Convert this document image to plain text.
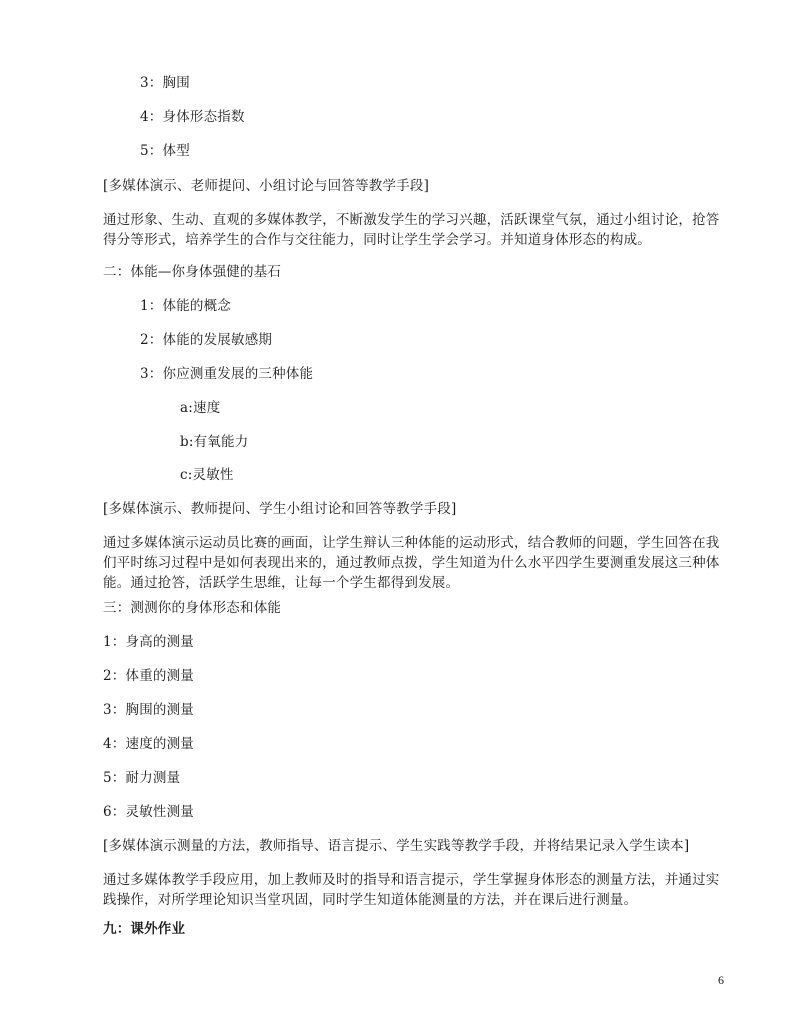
3：胸围
4：身体形态指数
5：体型
[多媒体演示、老师提问、小组讨论与回答等教学手段]
通过形象、生动、直观的多媒体教学，不断激发学生的学习兴趣，活跃课堂气氛，通过小组讨论，抢答得分等形式，培养学生的合作与交往能力，同时让学生学会学习。并知道身体形态的构成。
二：体能—你身体强健的基石
1：体能的概念
2：体能的发展敏感期
3：你应测重发展的三种体能
a:速度
b:有氧能力
c:灵敏性
[多媒体演示、教师提问、学生小组讨论和回答等教学手段]
通过多媒体演示运动员比赛的画面，让学生辩认三种体能的运动形式，结合教师的问题，学生回答在我们平时练习过程中是如何表现出来的，通过教师点拨，学生知道为什么水平四学生要测重发展这三种体能。通过抢答，活跃学生思维，让每一个学生都得到发展。
三：测测你的身体形态和体能
1：身高的测量
2：体重的测量
3：胸围的测量
4：速度的测量
5：耐力测量
6：灵敏性测量
[多媒体演示测量的方法，教师指导、语言提示、学生实践等教学手段，并将结果记录入学生读本]
通过多媒体教学手段应用，加上教师及时的指导和语言提示，学生掌握身体形态的测量方法，并通过实践操作，对所学理论知识当堂巩固，同时学生知道体能测量的方法，并在课后进行测量。
九：课外作业
6
